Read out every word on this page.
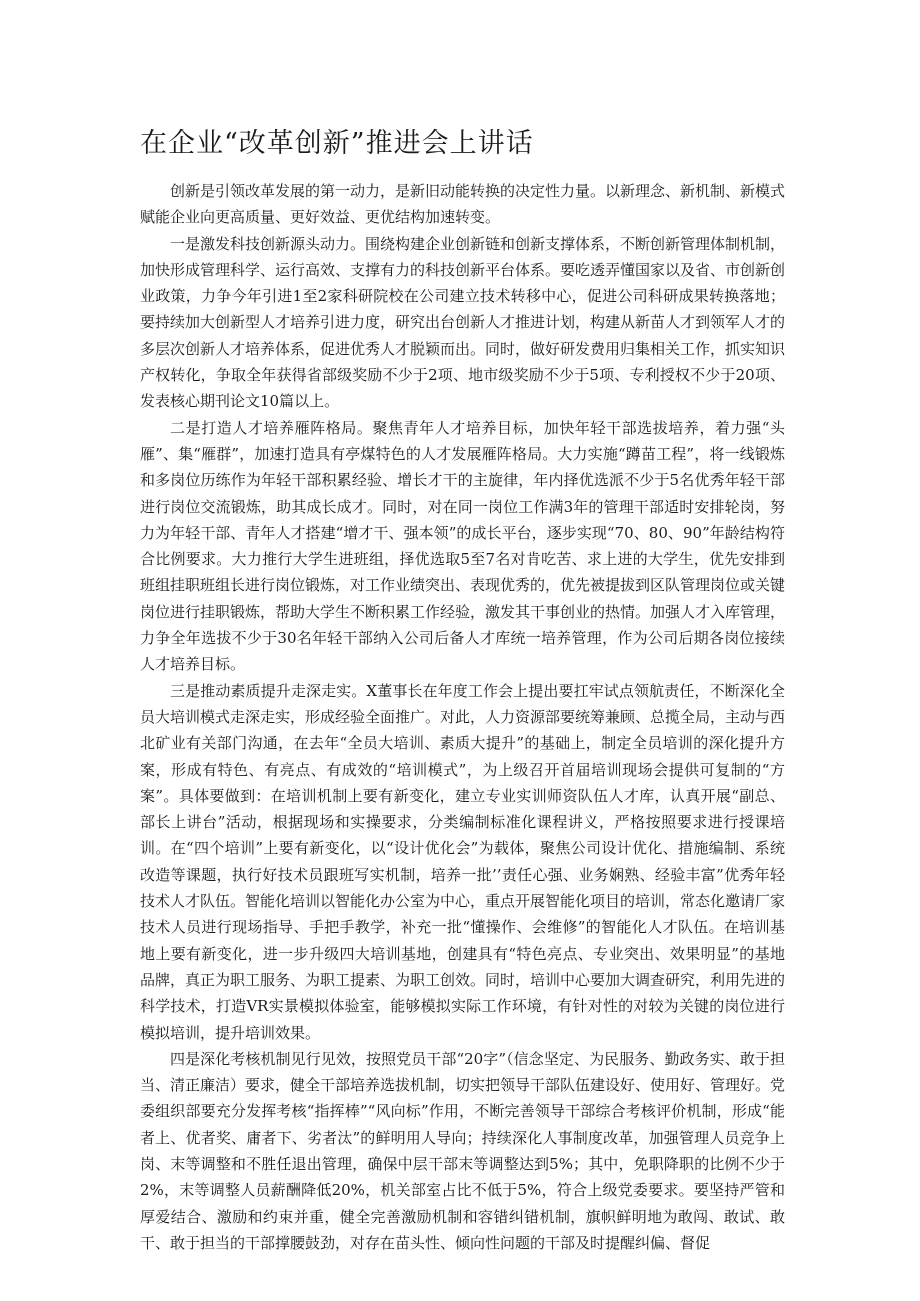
在企业“改革创新”推进会上讲话

创新是引领改革发展的第一动力，是新旧动能转换的决定性力量。以新理念、新机制、新模式赋能企业向更高质量、更好效益、更优结构加速转变。

一是激发科技创新源头动力。围绕构建企业创新链和创新支撑体系，不断创新管理体制机制，加快形成管理科学、运行高效、支撑有力的科技创新平台体系。要吃透弄懂国家以及省、市创新创业政策，力争今年引进1至2家科研院校在公司建立技术转移中心，促进公司科研成果转换落地；要持续加大创新型人才培养引进力度，研究出台创新人才推进计划，构建从新苗人才到领军人才的多层次创新人才培养体系，促进优秀人才脱颖而出。同时，做好研发费用归集相关工作，抓实知识产权转化，争取全年获得省部级奖励不少于2项、地市级奖励不少于5项、专利授权不少于20项、发表核心期刊论文10篇以上。

二是打造人才培养雁阵格局。聚焦青年人才培养目标，加快年轻干部选拔培养，着力强“头雁”、集“雁群”，加速打造具有亭煤特色的人才发展雁阵格局。大力实施“蹲苗工程”，将一线锻炼和多岗位历练作为年轻干部积累经验、增长才干的主旋律，年内择优选派不少于5名优秀年轻干部进行岗位交流锻炼，助其成长成才。同时，对在同一岗位工作满3年的管理干部适时安排轮岗，努力为年轻干部、青年人才搭建“增才干、强本领”的成长平台，逐步实现“70、80、90”年龄结构符合比例要求。大力推行大学生进班组，择优选取5至7名对肯吃苦、求上进的大学生，优先安排到班组挂职班组长进行岗位锻炼，对工作业绩突出、表现优秀的，优先被提拔到区队管理岗位或关键岗位进行挂职锻炼，帮助大学生不断积累工作经验，激发其干事创业的热情。加强人才入库管理，力争全年选拔不少于30名年轻干部纳入公司后备人才库统一培养管理，作为公司后期各岗位接续人才培养目标。

三是推动素质提升走深走实。X董事长在年度工作会上提出要扛牢试点领航责任，不断深化全员大培训模式走深走实，形成经验全面推广。对此，人力资源部要统筹兼顾、总揽全局，主动与西北矿业有关部门沟通，在去年“全员大培训、素质大提升”的基础上，制定全员培训的深化提升方案，形成有特色、有亮点、有成效的“培训模式”，为上级召开首届培训现场会提供可复制的“方案”。具体要做到：在培训机制上要有新变化，建立专业实训师资队伍人才库，认真开展“副总、部长上讲台”活动，根据现场和实操要求，分类编制标准化课程讲义，严格按照要求进行授课培训。在“四个培训”上要有新变化，以“设计优化会”为载体，聚焦公司设计优化、措施编制、系统改造等课题，执行好技术员跟班写实机制，培养一批’’责任心强、业务娴熟、经验丰富”优秀年轻技术人才队伍。智能化培训以智能化办公室为中心，重点开展智能化项目的培训，常态化邀请厂家技术人员进行现场指导、手把手教学，补充一批“懂操作、会维修”的智能化人才队伍。在培训基地上要有新变化，进一步升级四大培训基地，创建具有“特色亮点、专业突出、效果明显”的基地品牌，真正为职工服务、为职工提素、为职工创效。同时，培训中心要加大调查研究，利用先进的科学技术，打造VR实景模拟体验室，能够模拟实际工作环境，有针对性的对较为关键的岗位进行模拟培训，提升培训效果。

四是深化考核机制见行见效，按照党员干部“20字”（信念坚定、为民服务、勤政务实、敢于担当、清正廉洁）要求，健全干部培养选拔机制，切实把领导干部队伍建设好、使用好、管理好。党委组织部要充分发挥考核“指挥棒”“风向标”作用，不断完善领导干部综合考核评价机制，形成“能者上、优者奖、庸者下、劣者汰”的鲜明用人导向；持续深化人事制度改革，加强管理人员竞争上岗、末等调整和不胜任退出管理，确保中层干部末等调整达到5%；其中，免职降职的比例不少于2%，末等调整人员薪酬降低20%，机关部室占比不低于5%，符合上级党委要求。要坚持严管和厚爱结合、激励和约束并重，健全完善激励机制和容错纠错机制，旗帜鲜明地为敢闯、敢试、敢干、敢于担当的干部撑腰鼓劲，对存在苗头性、倾向性问题的干部及时提醒纠偏、督促
